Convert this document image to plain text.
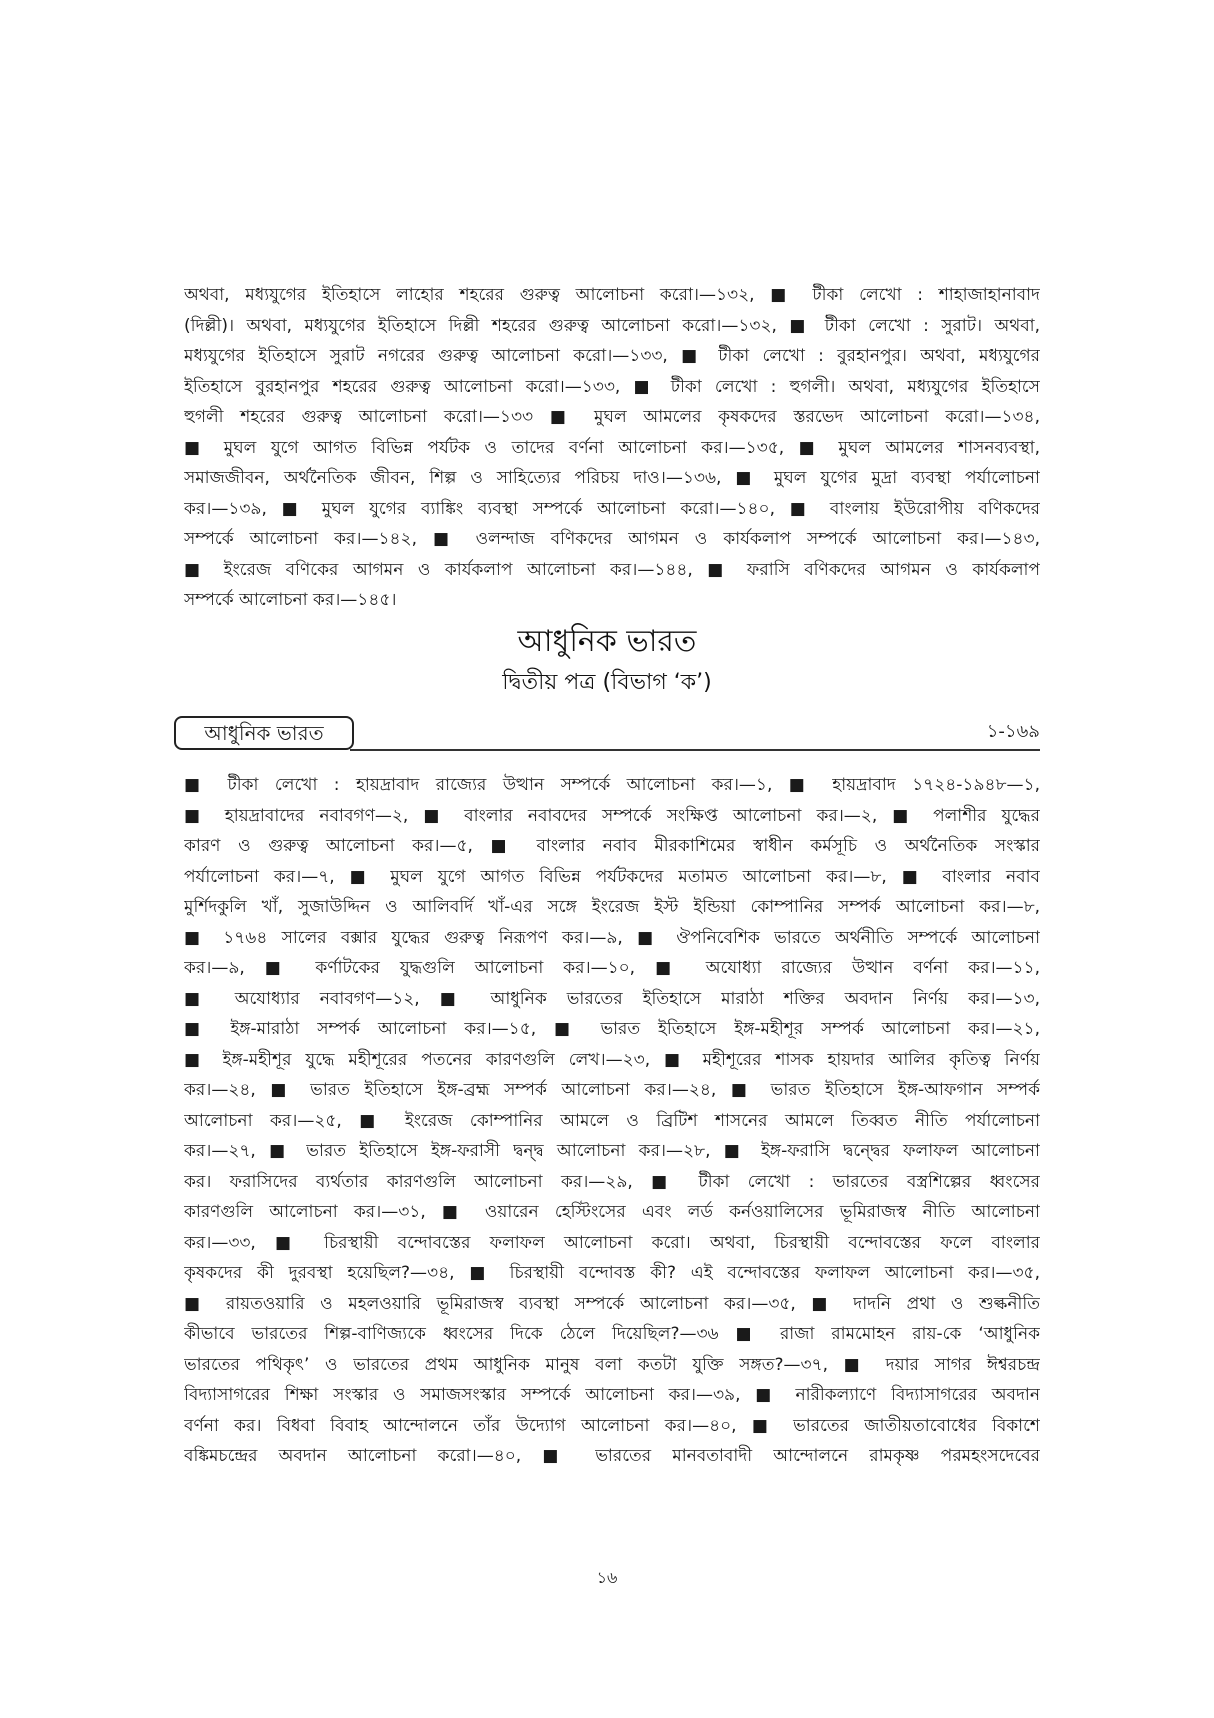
অথবা, মধ্যযুগের ইতিহাসে লাহোর শহরের গুরুত্ব আলোচনা করো।—১৩২, ■ টীকা লেখো : শাহাজাহানাবাদ
(দিল্লী)। অথবা, মধ্যযুগের ইতিহাসে দিল্লী শহরের গুরুত্ব আলোচনা করো।—১৩২, ■ টীকা লেখো : সুরাট। অথবা,
মধ্যযুগের ইতিহাসে সুরাট নগরের গুরুত্ব আলোচনা করো।—১৩৩, ■ টীকা লেখো : বুরহানপুর। অথবা, মধ্যযুগের
ইতিহাসে বুরহানপুর শহরের গুরুত্ব আলোচনা করো।—১৩৩, ■ টীকা লেখো : হুগলী। অথবা, মধ্যযুগের ইতিহাসে
হুগলী শহরের গুরুত্ব আলোচনা করো।—১৩৩ ■ মুঘল আমলের কৃষকদের স্তরভেদ আলোচনা করো।—১৩৪,
■ মুঘল যুগে আগত বিভিন্ন পর্যটক ও তাদের বর্ণনা আলোচনা কর।—১৩৫, ■ মুঘল আমলের শাসনব্যবস্থা,
সমাজজীবন, অর্থনৈতিক জীবন, শিল্প ও সাহিত্যের পরিচয় দাও।—১৩৬, ■ মুঘল যুগের মুদ্রা ব্যবস্থা পর্যালোচনা
কর।—১৩৯, ■ মুঘল যুগের ব্যাঙ্কিং ব্যবস্থা সম্পর্কে আলোচনা করো।—১৪০, ■ বাংলায় ইউরোপীয় বণিকদের
সম্পর্কে আলোচনা কর।—১৪২, ■ ওলন্দাজ বণিকদের আগমন ও কার্যকলাপ সম্পর্কে আলোচনা কর।—১৪৩,
■ ইংরেজ বণিকের আগমন ও কার্যকলাপ আলোচনা কর।—১৪৪, ■ ফরাসি বণিকদের আগমন ও কার্যকলাপ
সম্পর্কে আলোচনা কর।—১৪৫।
আধুনিক ভারত
দ্বিতীয় পত্র (বিভাগ ‘ক’)
আধুনিক ভারত	১-১৬৯
■ টীকা লেখো : হায়দ্রাবাদ রাজ্যের উত্থান সম্পর্কে আলোচনা কর।—১, ■ হায়দ্রাবাদ ১৭২৪-১৯৪৮—১,
■ হায়দ্রাবাদের নবাবগণ—২, ■ বাংলার নবাবদের সম্পর্কে সংক্ষিপ্ত আলোচনা কর।—২, ■ পলাশীর যুদ্ধের
কারণ ও গুরুত্ব আলোচনা কর।—৫, ■ বাংলার নবাব মীরকাশিমের স্বাধীন কর্মসূচি ও অর্থনৈতিক সংস্কার
পর্যালোচনা কর।—৭, ■ মুঘল যুগে আগত বিভিন্ন পর্যটকদের মতামত আলোচনা কর।—৮, ■ বাংলার নবাব
মুর্শিদকুলি খাঁ, সুজাউদ্দিন ও আলিবর্দি খাঁ-এর সঙ্গে ইংরেজ ইস্ট ইন্ডিয়া কোম্পানির সম্পর্ক আলোচনা কর।—৮,
■ ১৭৬৪ সালের বক্সার যুদ্ধের গুরুত্ব নিরূপণ কর।—৯, ■ ঔপনিবেশিক ভারতে অর্থনীতি সম্পর্কে আলোচনা
কর।—৯, ■ কর্ণাটকের যুদ্ধগুলি আলোচনা কর।—১০, ■ অযোধ্যা রাজ্যের উত্থান বর্ণনা কর।—১১,
■ অযোধ্যার নবাবগণ—১২, ■ আধুনিক ভারতের ইতিহাসে মারাঠা শক্তির অবদান নির্ণয় কর।—১৩,
■ ইঙ্গ-মারাঠা সম্পর্ক আলোচনা কর।—১৫, ■ ভারত ইতিহাসে ইঙ্গ-মহীশূর সম্পর্ক আলোচনা কর।—২১,
■ ইঙ্গ-মহীশূর যুদ্ধে মহীশূরের পতনের কারণগুলি লেখ।—২৩, ■ মহীশূরের শাসক হায়দার আলির কৃতিত্ব নির্ণয়
কর।—২৪, ■ ভারত ইতিহাসে ইঙ্গ-ব্রহ্ম সম্পর্ক আলোচনা কর।—২৪, ■ ভারত ইতিহাসে ইঙ্গ-আফগান সম্পর্ক
আলোচনা কর।—২৫, ■ ইংরেজ কোম্পানির আমলে ও ব্রিটিশ শাসনের আমলে তিব্বত নীতি পর্যালোচনা
কর।—২৭, ■ ভারত ইতিহাসে ইঙ্গ-ফরাসী দ্বন্দ্ব আলোচনা কর।—২৮, ■ ইঙ্গ-ফরাসি দ্বন্দ্বের ফলাফল আলোচনা
কর। ফরাসিদের ব্যর্থতার কারণগুলি আলোচনা কর।—২৯, ■ টীকা লেখো : ভারতের বস্ত্রশিল্পের ধ্বংসের
কারণগুলি আলোচনা কর।—৩১, ■ ওয়ারেন হেস্টিংসের এবং লর্ড কর্নওয়ালিসের ভূমিরাজস্ব নীতি আলোচনা
কর।—৩৩, ■ চিরস্থায়ী বন্দোবস্তের ফলাফল আলোচনা করো। অথবা, চিরস্থায়ী বন্দোবস্তের ফলে বাংলার
কৃষকদের কী দুরবস্থা হয়েছিল?—৩৪, ■ চিরস্থায়ী বন্দোবস্ত কী? এই বন্দোবস্তের ফলাফল আলোচনা কর।—৩৫,
■ রায়তওয়ারি ও মহলওয়ারি ভূমিরাজস্ব ব্যবস্থা সম্পর্কে আলোচনা কর।—৩৫, ■ দাদনি প্রথা ও শুল্কনীতি
কীভাবে ভারতের শিল্প-বাণিজ্যকে ধ্বংসের দিকে ঠেলে দিয়েছিল?—৩৬ ■ রাজা রামমোহন রায়-কে ‘আধুনিক
ভারতের পথিকৃৎ’ ও ভারতের প্রথম আধুনিক মানুষ বলা কতটা যুক্তি সঙ্গত?—৩৭, ■ দয়ার সাগর ঈশ্বরচন্দ্র
বিদ্যাসাগরের শিক্ষা সংস্কার ও সমাজসংস্কার সম্পর্কে আলোচনা কর।—৩৯, ■ নারীকল্যাণে বিদ্যাসাগরের অবদান
বর্ণনা কর। বিধবা বিবাহ আন্দোলনে তাঁর উদ্যোগ আলোচনা কর।—৪০, ■ ভারতের জাতীয়তাবোধের বিকাশে
বঙ্কিমচন্দ্রের অবদান আলোচনা করো।—৪০, ■ ভারতের মানবতাবাদী আন্দোলনে রামকৃষ্ণ পরমহংসদেবের
১৬
